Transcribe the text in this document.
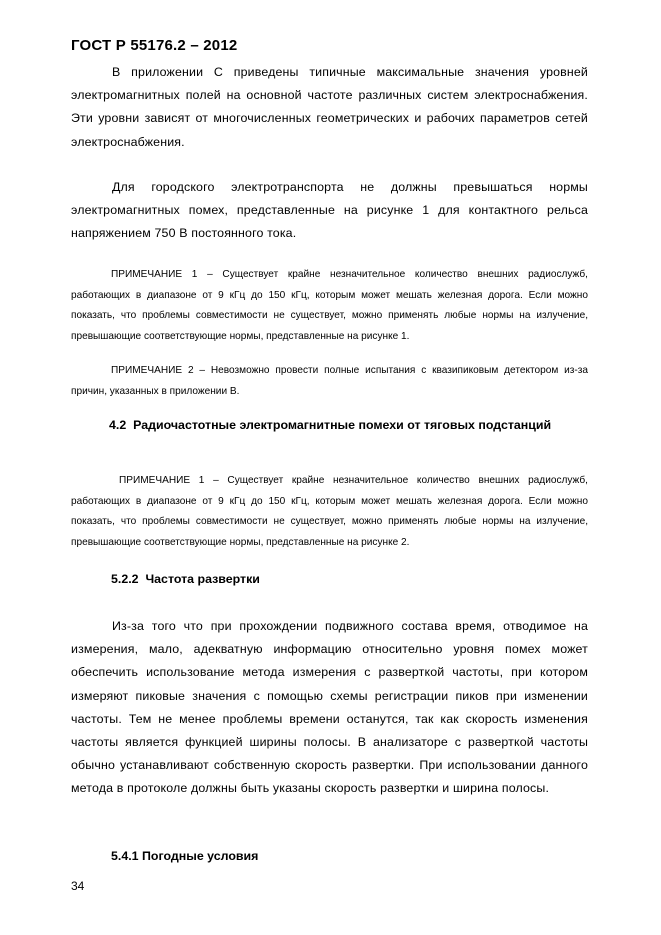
ГОСТ Р 55176.2 – 2012

В приложении С приведены типичные максимальные значения уровней электромагнитных полей на основной частоте различных систем электроснабжения. Эти уровни зависят от многочисленных геометрических и рабочих параметров сетей электроснабжения.

Для городского электротранспорта не должны превышаться нормы электромагнитных помех, представленные на рисунке 1 для контактного рельса напряжением 750 В постоянного тока.

ПРИМЕЧАНИЕ 1 – Существует крайне незначительное количество внешних радиослужб, работающих в диапазоне от 9 кГц до 150 кГц, которым может мешать железная дорога. Если можно показать, что проблемы совместимости не существует, можно применять любые нормы на излучение, превышающие соответствующие нормы, представленные на рисунке 1.

ПРИМЕЧАНИЕ 2 – Невозможно провести полные испытания с квазипиковым детектором из-за причин, указанных в приложении В.

4.2 Радиочастотные электромагнитные помехи от тяговых подстанций

ПРИМЕЧАНИЕ 1 – Существует крайне незначительное количество внешних радиослужб, работающих в диапазоне от 9 кГц до 150 кГц, которым может мешать железная дорога. Если можно показать, что проблемы совместимости не существует, можно применять любые нормы на излучение, превышающие соответствующие нормы, представленные на рисунке 2.

5.2.2 Частота развертки

Из-за того что при прохождении подвижного состава время, отводимое на измерения, мало, адекватную информацию относительно уровня помех может обеспечить использование метода измерения с разверткой частоты, при котором измеряют пиковые значения с помощью схемы регистрации пиков при изменении частоты. Тем не менее проблемы времени останутся, так как скорость изменения частоты является функцией ширины полосы. В анализаторе с разверткой частоты обычно устанавливают собственную скорость развертки. При использовании данного метода в протоколе должны быть указаны скорость развертки и ширина полосы.

5.4.1 Погодные условия
34
